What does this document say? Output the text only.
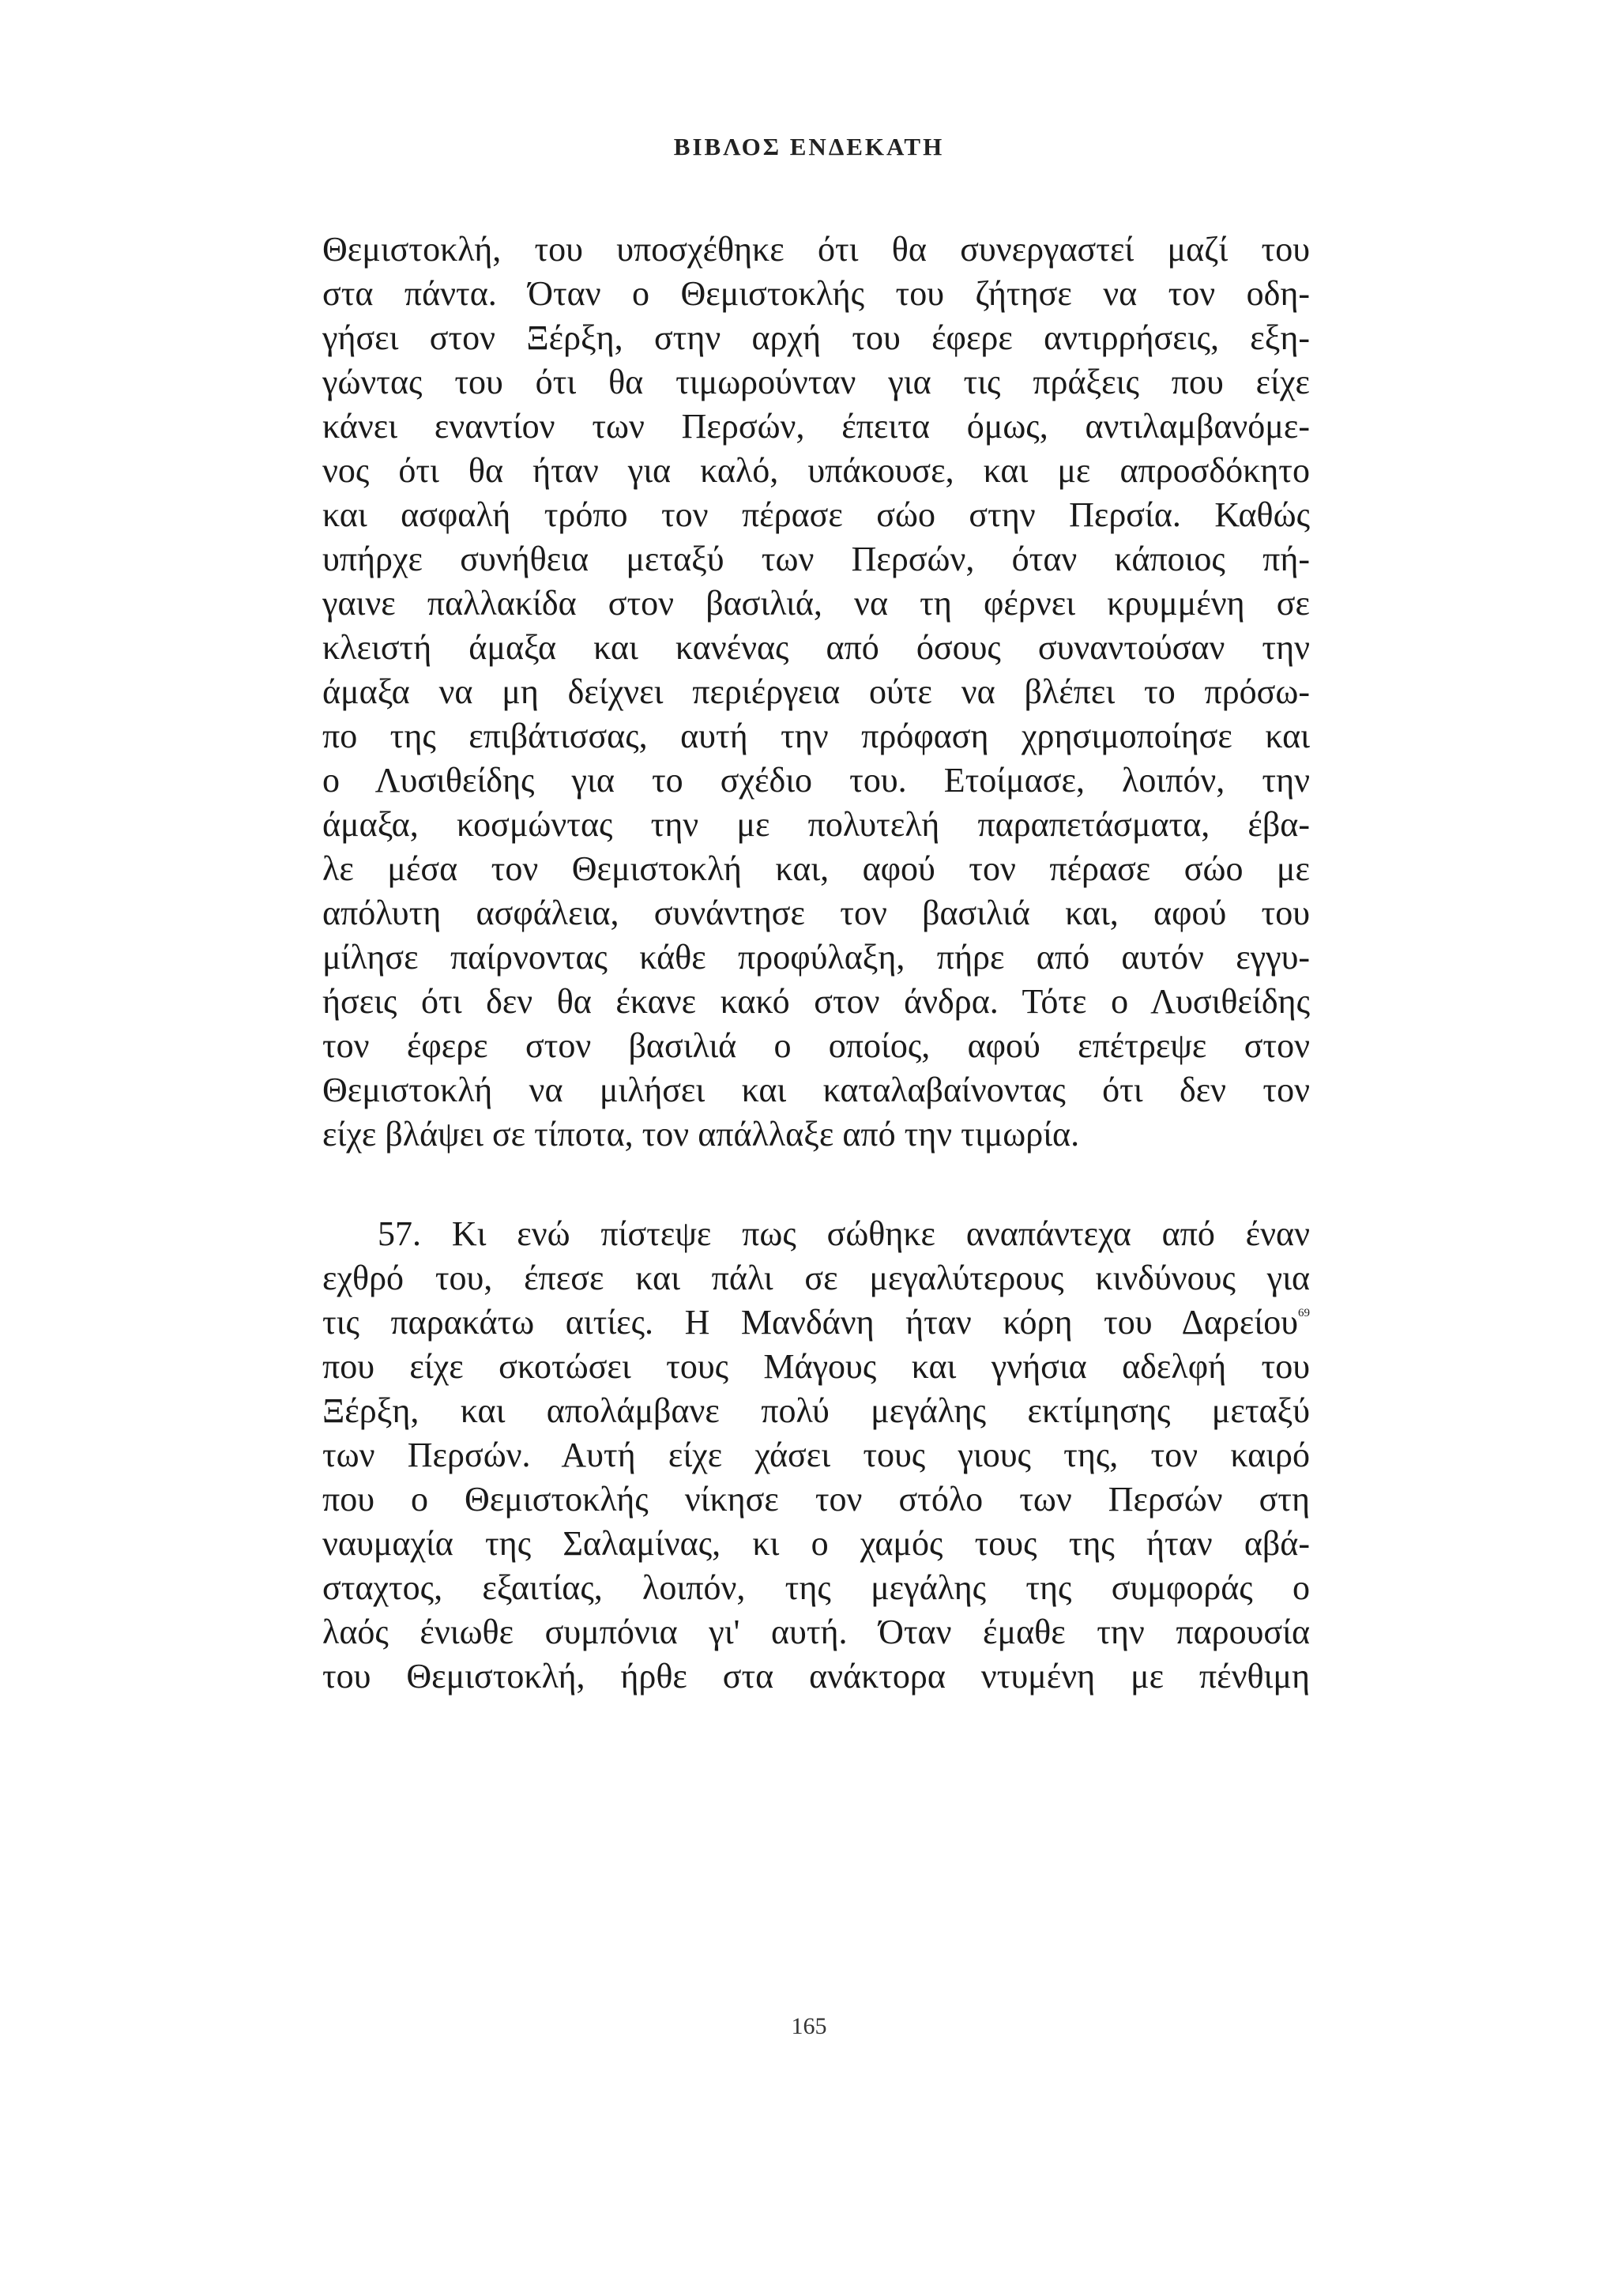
ΒΙΒΛΟΣ ΕΝΔΕΚΑΤΗ
Θεμιστοκλή, του υποσχέθηκε ότι θα συνεργαστεί μαζί του
στα πάντα. Όταν ο Θεμιστοκλής του ζήτησε να τον οδη-
γήσει στον Ξέρξη, στην αρχή του έφερε αντιρρήσεις, εξη-
γώντας του ότι θα τιμωρούνταν για τις πράξεις που είχε
κάνει εναντίον των Περσών, έπειτα όμως, αντιλαμβανόμε-
νος ότι θα ήταν για καλό, υπάκουσε, και με απροσδόκητο
και ασφαλή τρόπο τον πέρασε σώο στην Περσία. Καθώς
υπήρχε συνήθεια μεταξύ των Περσών, όταν κάποιος πή-
γαινε παλλακίδα στον βασιλιά, να τη φέρνει κρυμμένη σε
κλειστή άμαξα και κανένας από όσους συναντούσαν την
άμαξα να μη δείχνει περιέργεια ούτε να βλέπει το πρόσω-
πο της επιβάτισσας, αυτή την πρόφαση χρησιμοποίησε και
ο Λυσιθείδης για το σχέδιο του. Ετοίμασε, λοιπόν, την
άμαξα, κοσμώντας την με πολυτελή παραπετάσματα, έβα-
λε μέσα τον Θεμιστοκλή και, αφού τον πέρασε σώο με
απόλυτη ασφάλεια, συνάντησε τον βασιλιά και, αφού του
μίλησε παίρνοντας κάθε προφύλαξη, πήρε από αυτόν εγγυ-
ήσεις ότι δεν θα έκανε κακό στον άνδρα. Τότε ο Λυσιθείδης
τον έφερε στον βασιλιά ο οποίος, αφού επέτρεψε στον
Θεμιστοκλή να μιλήσει και καταλαβαίνοντας ότι δεν τον
είχε βλάψει σε τίποτα, τον απάλλαξε από την τιμωρία.
57. Κι ενώ πίστεψε πως σώθηκε αναπάντεχα από έναν
εχθρό του, έπεσε και πάλι σε μεγαλύτερους κινδύνους για
τις παρακάτω αιτίες. Η Μανδάνη ήταν κόρη του Δαρείου$^{69}$
που είχε σκοτώσει τους Μάγους και γνήσια αδελφή του
Ξέρξη, και απολάμβανε πολύ μεγάλης εκτίμησης μεταξύ
των Περσών. Αυτή είχε χάσει τους γιους της, τον καιρό
που ο Θεμιστοκλής νίκησε τον στόλο των Περσών στη
ναυμαχία της Σαλαμίνας, κι ο χαμός τους της ήταν αβά-
σταχτος, εξαιτίας, λοιπόν, της μεγάλης της συμφοράς ο
λαός ένιωθε συμπόνια γι' αυτή. Όταν έμαθε την παρουσία
του Θεμιστοκλή, ήρθε στα ανάκτορα ντυμένη με πένθιμη
165
